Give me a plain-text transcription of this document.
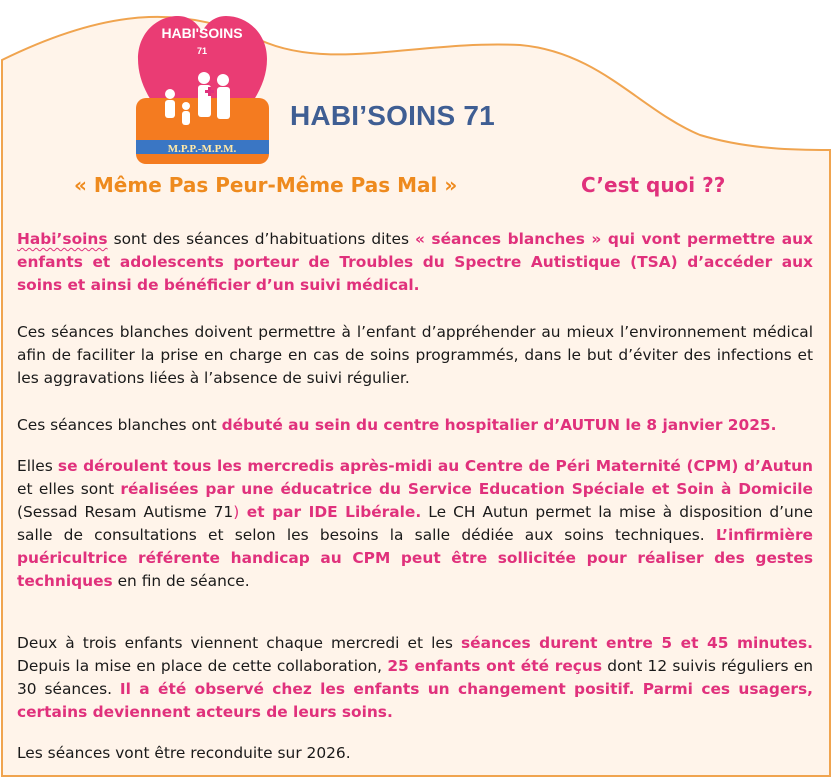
HABI'SOINS
71
M.P.P.-M.P.M.
HABI’SOINS 71
« Même Pas Peur-Même Pas Mal »	C’est quoi ??

Habi’soins sont des séances d’habituations dites « séances blanches » qui vont permettre aux enfants et adolescents porteur de Troubles du Spectre Autistique (TSA) d’accéder aux soins et ainsi de bénéficier d’un suivi médical.

Ces séances blanches doivent permettre à l’enfant d’appréhender au mieux l’environnement médical afin de faciliter la prise en charge en cas de soins programmés, dans le but d’éviter des infections et les aggravations liées à l’absence de suivi régulier.

Ces séances blanches ont débuté au sein du centre hospitalier d’AUTUN le 8 janvier 2025.

Elles se déroulent tous les mercredis après-midi au Centre de Péri Maternité (CPM) d’Autun et elles sont réalisées par une éducatrice du Service Education Spéciale et Soin à Domicile (Sessad Resam Autisme 71) et par IDE Libérale. Le CH Autun permet la mise à disposition d’une salle de consultations et selon les besoins la salle dédiée aux soins techniques. L’infirmière puéricultrice référente handicap au CPM peut être sollicitée pour réaliser des gestes techniques en fin de séance.

Deux à trois enfants viennent chaque mercredi et les séances durent entre 5 et 45 minutes. Depuis la mise en place de cette collaboration, 25 enfants ont été reçus dont 12 suivis réguliers en 30 séances. Il a été observé chez les enfants un changement positif. Parmi ces usagers, certains deviennent acteurs de leurs soins.

Les séances vont être reconduite sur 2026.
